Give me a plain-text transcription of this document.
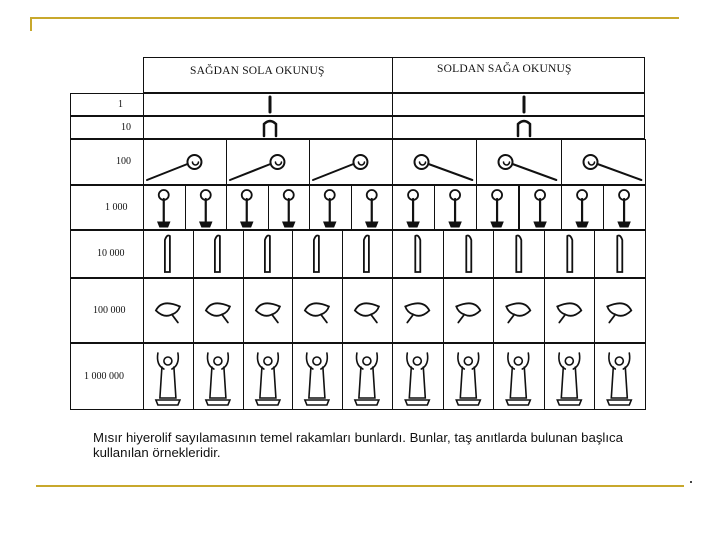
SAĞDAN SOLA OKUNUŞ	SOLDAN SAĞA OKUNUŞ
1
10
100
1 000
10 000
100 000
1 000 000
Mısır hiyerolif sayılamasının temel rakamları bunlardı. Bunlar, taş anıtlarda bulunan başlıca kullanılan örnekleridir.
